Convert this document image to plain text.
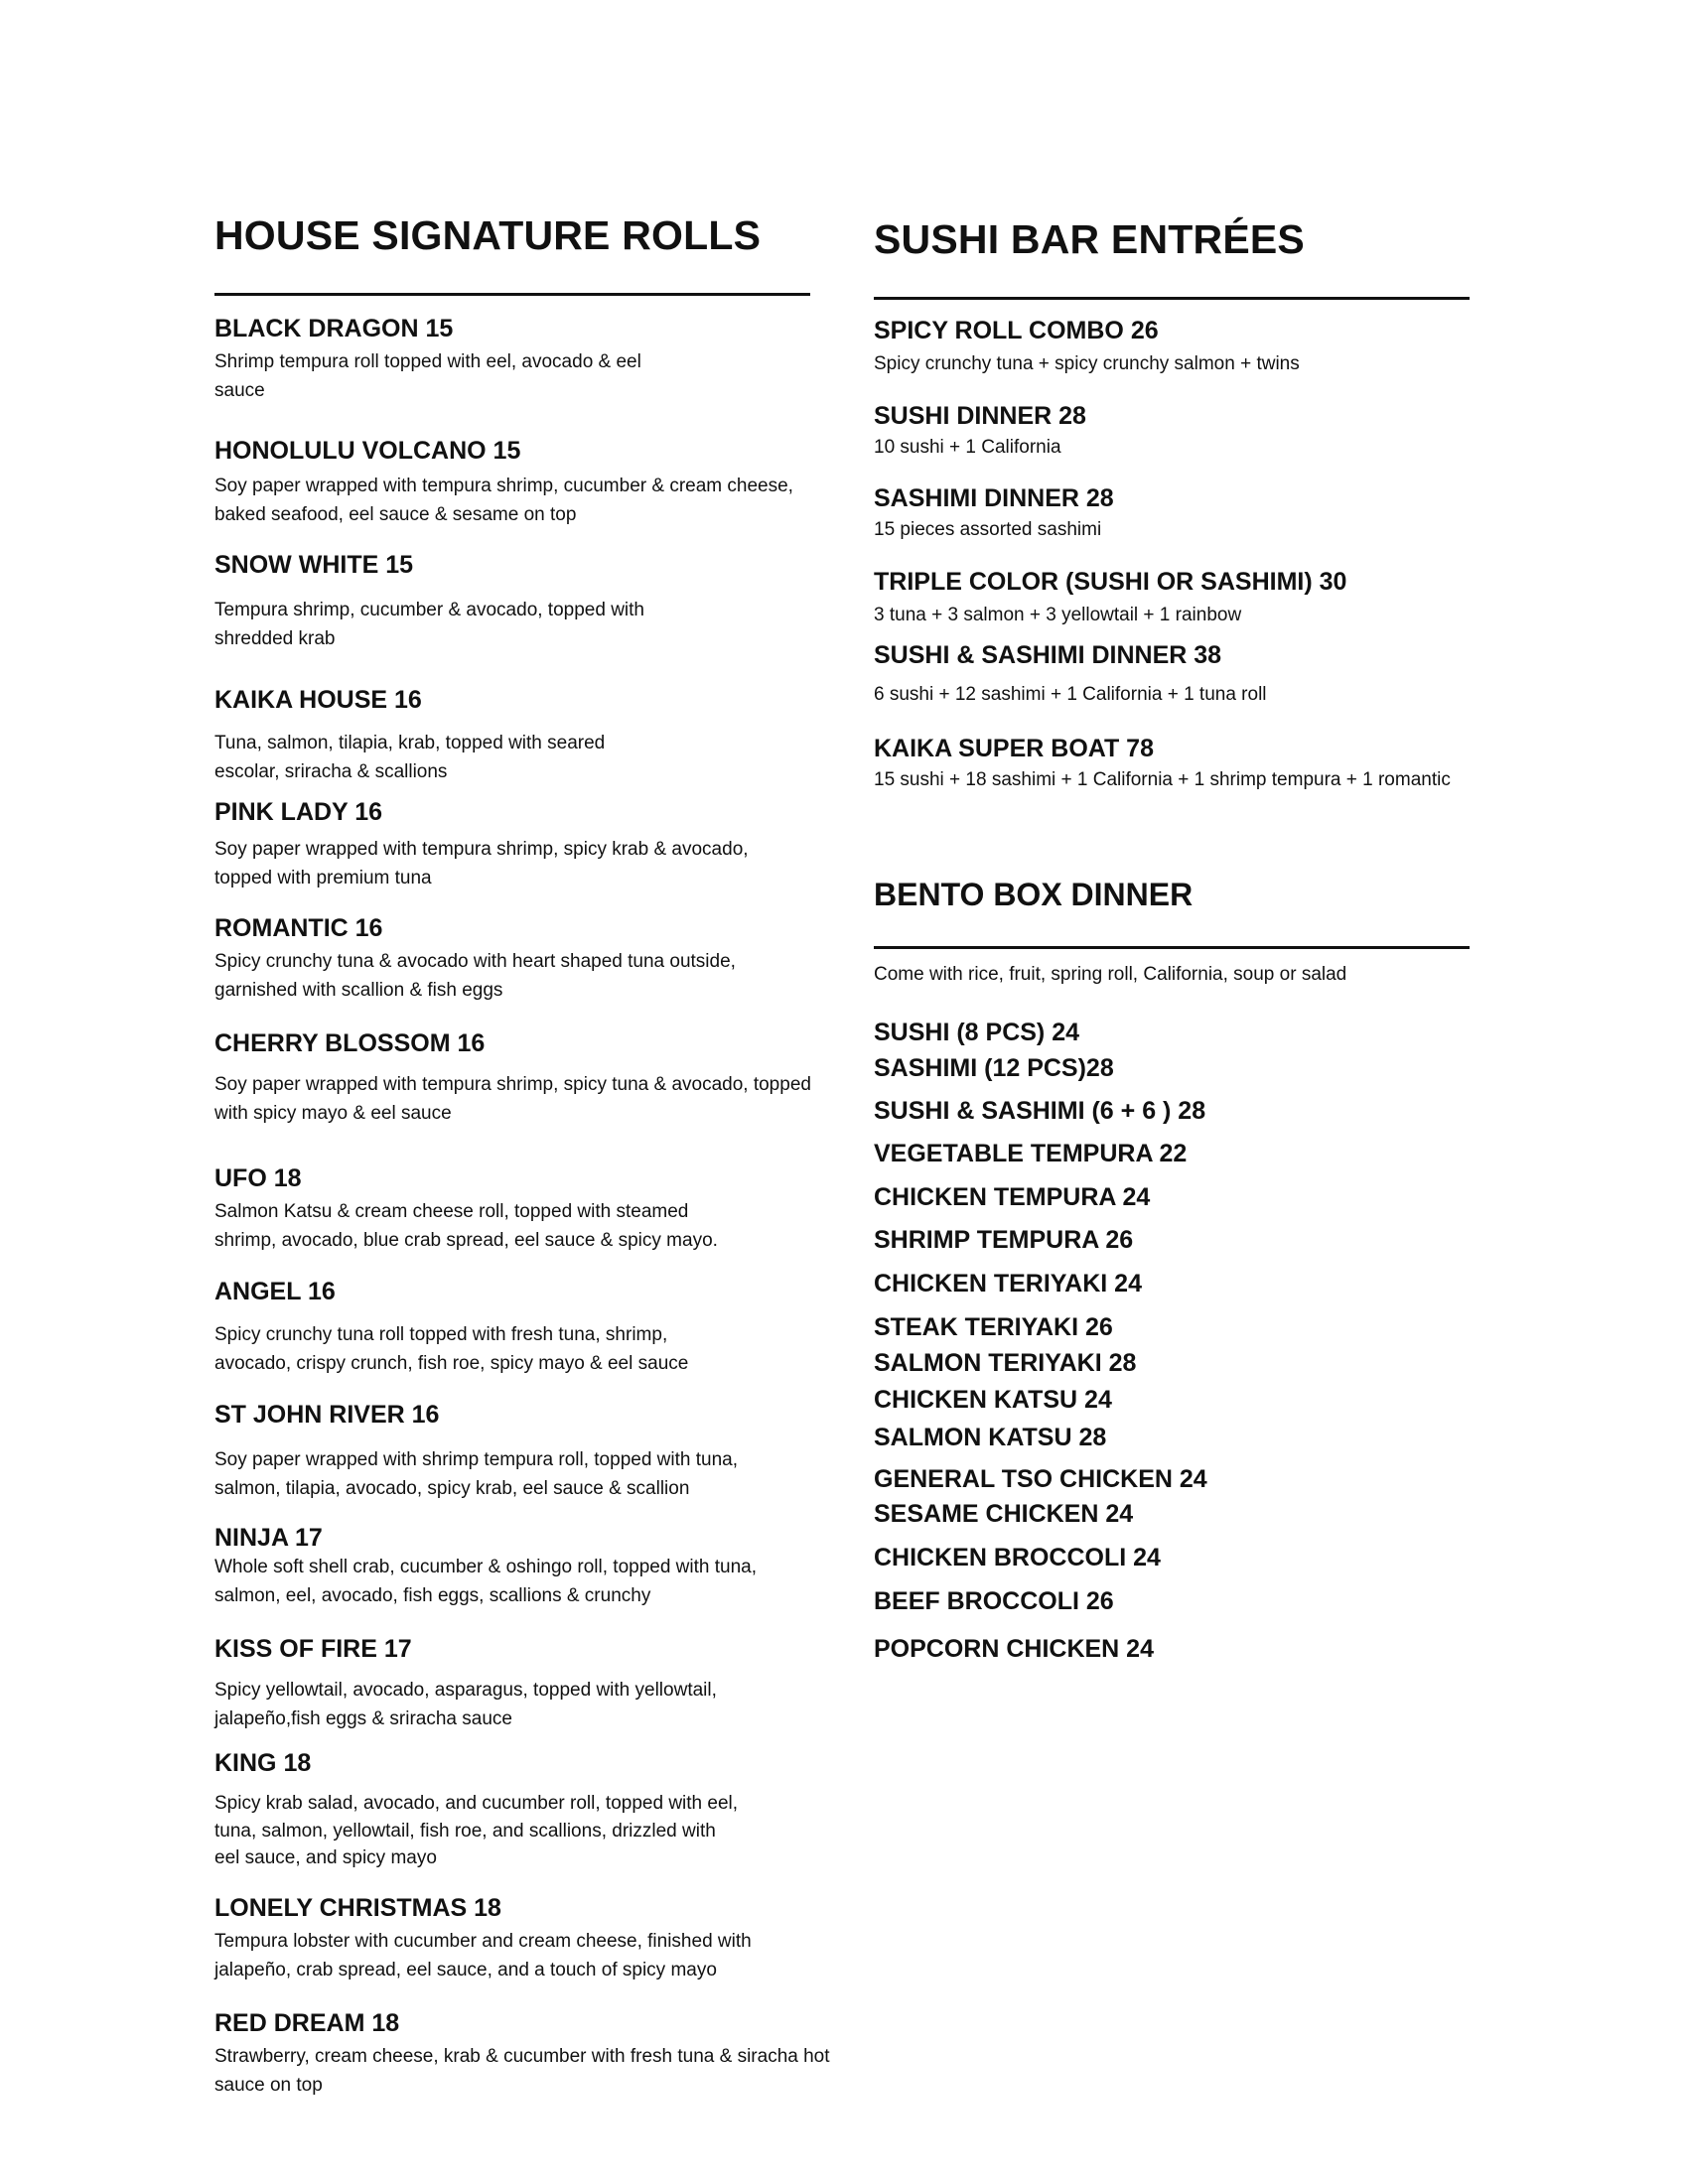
HOUSE SIGNATURE ROLLS
BLACK DRAGON 15
Shrimp tempura roll topped with eel, avocado & eel
sauce
HONOLULU VOLCANO 15
Soy paper wrapped with tempura shrimp, cucumber & cream cheese,
baked seafood, eel sauce & sesame on top
SNOW WHITE 15
Tempura shrimp, cucumber & avocado, topped with
shredded krab
KAIKA HOUSE 16
Tuna, salmon, tilapia, krab, topped with seared
escolar, sriracha & scallions
PINK LADY 16
Soy paper wrapped with tempura shrimp, spicy krab & avocado,
topped with premium tuna
ROMANTIC 16
Spicy crunchy tuna & avocado with heart shaped tuna outside,
garnished with scallion & fish eggs
CHERRY BLOSSOM 16
Soy paper wrapped with tempura shrimp, spicy tuna & avocado, topped
with spicy mayo & eel sauce
UFO 18
Salmon Katsu & cream cheese roll, topped with steamed
shrimp, avocado, blue crab spread, eel sauce & spicy mayo.
ANGEL 16
Spicy crunchy tuna roll topped with fresh tuna, shrimp,
avocado, crispy crunch, fish roe, spicy mayo & eel sauce
ST JOHN RIVER 16
Soy paper wrapped with shrimp tempura roll, topped with tuna,
salmon, tilapia, avocado, spicy krab, eel sauce & scallion
NINJA 17
Whole soft shell crab, cucumber & oshingo roll, topped with tuna,
salmon, eel, avocado, fish eggs, scallions & crunchy
KISS OF FIRE 17
Spicy yellowtail, avocado, asparagus, topped with yellowtail,
jalapeño,fish eggs & sriracha sauce
KING 18
Spicy krab salad, avocado, and cucumber roll, topped with eel,
tuna, salmon, yellowtail, fish roe, and scallions, drizzled with
eel sauce, and spicy mayo
LONELY CHRISTMAS 18
Tempura lobster with cucumber and cream cheese, finished with
jalapeño, crab spread, eel sauce, and a touch of spicy mayo
RED DREAM 18
Strawberry, cream cheese, krab & cucumber with fresh tuna & siracha hot
sauce on top
SUSHI BAR ENTRÉES
SPICY ROLL COMBO 26
Spicy crunchy tuna + spicy crunchy salmon + twins
SUSHI DINNER 28
10 sushi + 1 California
SASHIMI DINNER 28
15 pieces assorted sashimi
TRIPLE COLOR (SUSHI OR SASHIMI) 30
3 tuna + 3 salmon + 3 yellowtail + 1 rainbow
SUSHI & SASHIMI DINNER 38
6 sushi + 12 sashimi + 1 California + 1 tuna roll
KAIKA SUPER BOAT 78
15 sushi + 18 sashimi + 1 California + 1 shrimp tempura + 1 romantic
BENTO BOX DINNER
Come with rice, fruit, spring roll, California, soup or salad
SUSHI (8 PCS) 24
SASHIMI (12 PCS)28
SUSHI & SASHIMI (6 + 6 ) 28
VEGETABLE TEMPURA 22
CHICKEN TEMPURA 24
SHRIMP TEMPURA 26
CHICKEN TERIYAKI 24
STEAK TERIYAKI 26
SALMON TERIYAKI 28
CHICKEN KATSU 24
SALMON KATSU 28
GENERAL TSO CHICKEN 24
SESAME CHICKEN 24
CHICKEN BROCCOLI 24
BEEF BROCCOLI 26
POPCORN CHICKEN 24
